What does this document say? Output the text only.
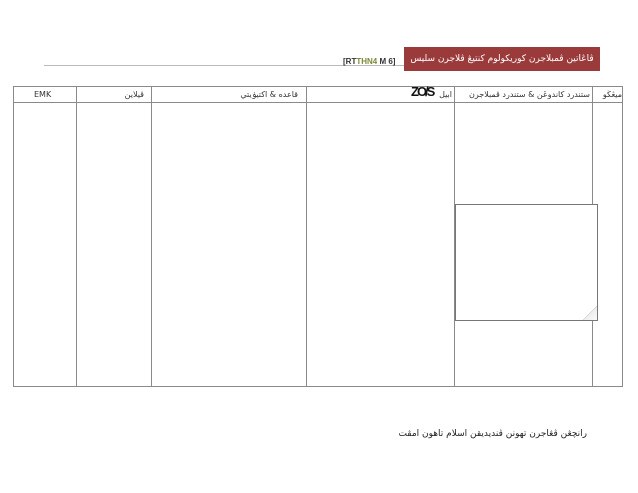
[RTTHN4 M 6]	ڤاڠاتين ڤمبلاجرن كوريكولوم كنتيڠ ڤلاجرن سليس
EMK	ڤيلاين	قاعده & اكتيۏيتي	ابيل	ستندرد كاندوڠن & ستندرد ڤمبلاجرن	ميڠڬو
ZO/S
رانچڠن ڤڠاجرن تهونن ڤنديديقن اسلام تاهون امڤت
